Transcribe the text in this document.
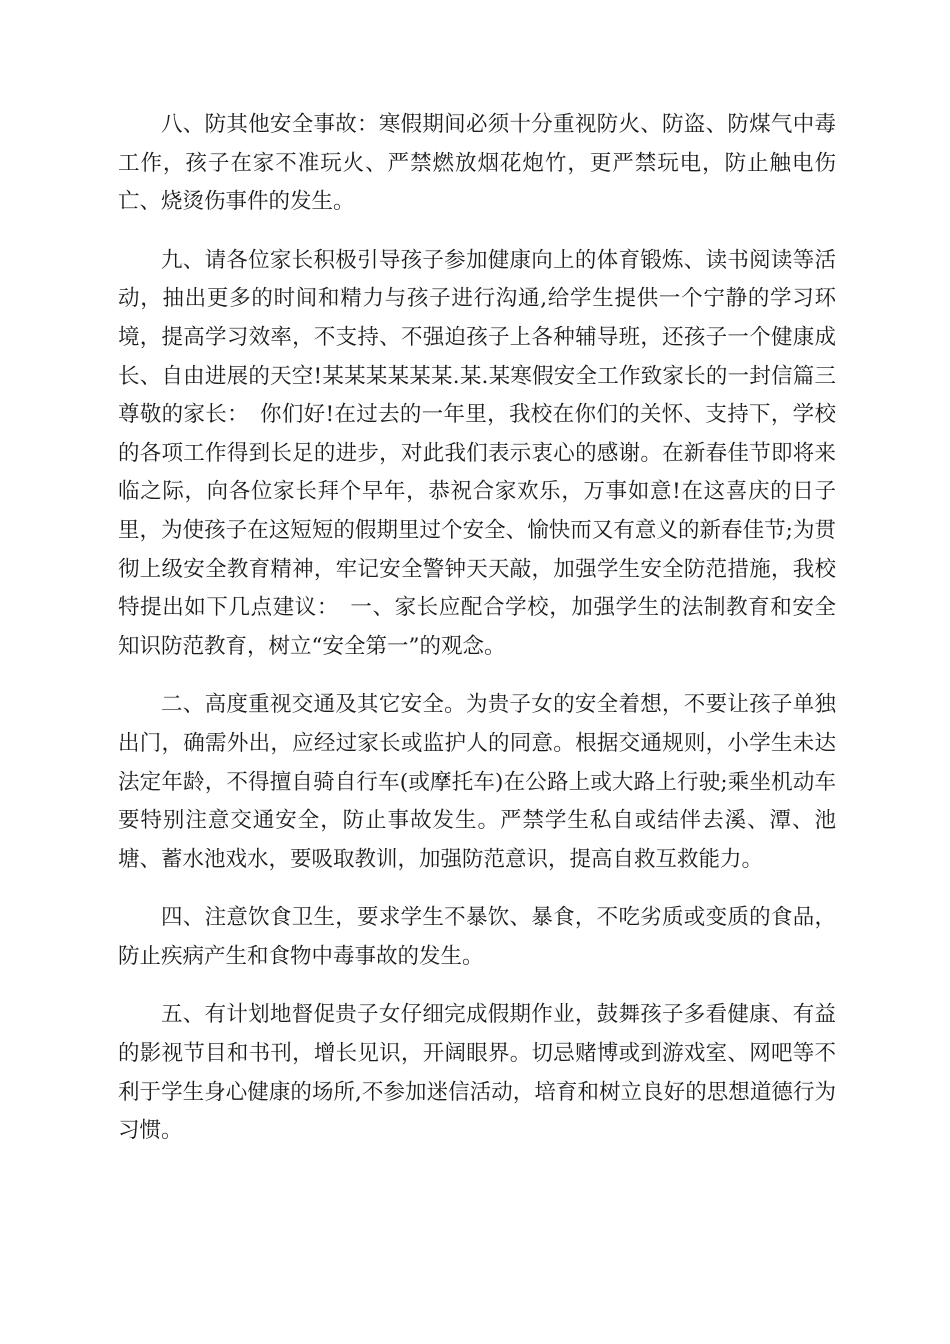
八、防其他安全事故：寒假期间必须十分重视防火、防盗、防煤气中毒工作，孩子在家不准玩火、严禁燃放烟花炮竹，更严禁玩电，防止触电伤亡、烧烫伤事件的发生。

九、请各位家长积极引导孩子参加健康向上的体育锻炼、读书阅读等活动，抽出更多的时间和精力与孩子进行沟通,给学生提供一个宁静的学习环境，提高学习效率，不支持、不强迫孩子上各种辅导班，还孩子一个健康成长、自由进展的天空!某某某某某某.某.某寒假安全工作致家长的一封信篇三尊敬的家长：　你们好!在过去的一年里，我校在你们的关怀、支持下，学校的各项工作得到长足的进步，对此我们表示衷心的感谢。在新春佳节即将来临之际，向各位家长拜个早年，恭祝合家欢乐，万事如意!在这喜庆的日子里，为使孩子在这短短的假期里过个安全、愉快而又有意义的新春佳节;为贯彻上级安全教育精神，牢记安全警钟天天敲，加强学生安全防范措施，我校特提出如下几点建议：　一、家长应配合学校，加强学生的法制教育和安全知识防范教育，树立“安全第一”的观念。

二、高度重视交通及其它安全。为贵子女的安全着想，不要让孩子单独出门，确需外出，应经过家长或监护人的同意。根据交通规则，小学生未达法定年龄，不得擅自骑自行车(或摩托车)在公路上或大路上行驶;乘坐机动车要特别注意交通安全，防止事故发生。严禁学生私自或结伴去溪、潭、池塘、蓄水池戏水，要吸取教训，加强防范意识，提高自救互救能力。

四、注意饮食卫生，要求学生不暴饮、暴食，不吃劣质或变质的食品，防止疾病产生和食物中毒事故的发生。

五、有计划地督促贵子女仔细完成假期作业，鼓舞孩子多看健康、有益的影视节目和书刊，增长见识，开阔眼界。切忌赌博或到游戏室、网吧等不利于学生身心健康的场所,不参加迷信活动，培育和树立良好的思想道德行为习惯。
